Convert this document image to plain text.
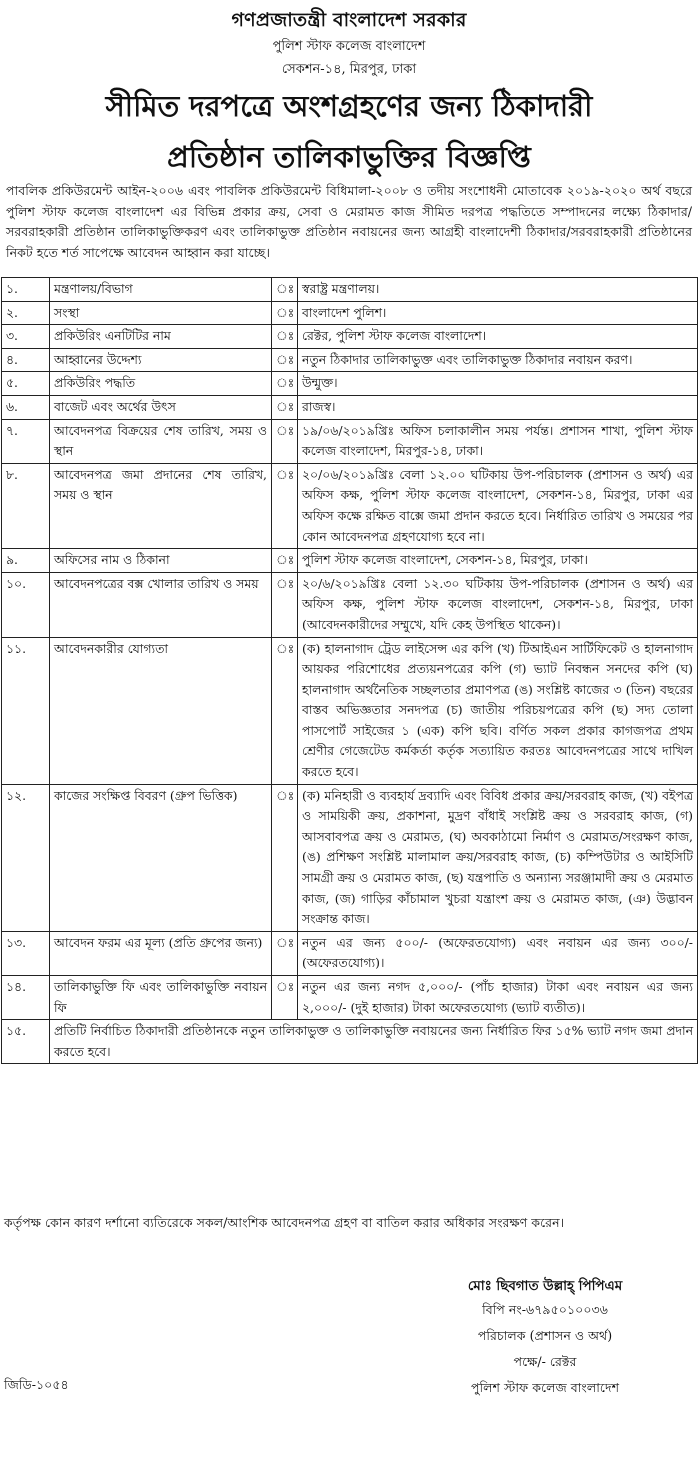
গণপ্রজাতন্ত্রী বাংলাদেশ সরকার
পুলিশ স্টাফ কলেজ বাংলাদেশ
সেকশন-১৪, মিরপুর, ঢাকা
সীমিত দরপত্রে অংশগ্রহণের জন্য ঠিকাদারী
প্রতিষ্ঠান তালিকাভুক্তির বিজ্ঞপ্তি
পাবলিক প্রকিউরমেন্ট আইন-২০০৬ এবং পাবলিক প্রকিউরমেন্ট বিধিমালা-২০০৮ ও তদীয় সংশোধনী মোতাবেক ২০১৯-২০২০ অর্থ বছরে পুলিশ স্টাফ কলেজ বাংলাদেশ এর বিভিন্ন প্রকার ক্রয়, সেবা ও মেরামত কাজ সীমিত দরপত্র পদ্ধতিতে সম্পাদনের লক্ষ্যে ঠিকাদার/সরবরাহকারী প্রতিষ্ঠান তালিকাভুক্তিকরণ এবং তালিকাভুক্ত প্রতিষ্ঠান নবায়নের জন্য আগ্রহী বাংলাদেশী ঠিকাদার/সরবরাহকারী প্রতিষ্ঠানের নিকট হতে শর্ত সাপেক্ষে আবেদন আহ্বান করা যাচ্ছে।
১.	মন্ত্রণালয়/বিভাগ	ঃ	স্বরাষ্ট্র মন্ত্রণালয়।
২.	সংস্থা	ঃ	বাংলাদেশ পুলিশ।
৩.	প্রকিউরিং এনটিটির নাম	ঃ	রেক্টর, পুলিশ স্টাফ কলেজ বাংলাদেশ।
৪.	আহ্বানের উদ্দেশ্য	ঃ	নতুন ঠিকাদার তালিকাভুক্ত এবং তালিকাভুক্ত ঠিকাদার নবায়ন করণ।
৫.	প্রকিউরিং পদ্ধতি	ঃ	উন্মুক্ত।
৬.	বাজেট এবং অর্থের উৎস	ঃ	রাজস্ব।
৭.	আবেদনপত্র বিক্রয়ের শেষ তারিখ, সময় ও স্থান	ঃ	১৯/০৬/২০১৯খ্রিঃ অফিস চলাকালীন সময় পর্যন্ত। প্রশাসন শাখা, পুলিশ স্টাফ কলেজ বাংলাদেশ, মিরপুর-১৪, ঢাকা।
৮.	আবেদনপত্র জমা প্রদানের শেষ তারিখ, সময় ও স্থান	ঃ	২০/০৬/২০১৯খ্রিঃ বেলা ১২.০০ ঘটিকায় উপ-পরিচালক (প্রশাসন ও অর্থ) এর অফিস কক্ষ, পুলিশ স্টাফ কলেজ বাংলাদেশ, সেকশন-১৪, মিরপুর, ঢাকা এর অফিস কক্ষে রক্ষিত বাক্সে জমা প্রদান করতে হবে। নির্ধারিত তারিখ ও সময়ের পর কোন আবেদনপত্র গ্রহণযোগ্য হবে না।
৯.	অফিসের নাম ও ঠিকানা	ঃ	পুলিশ স্টাফ কলেজ বাংলাদেশ, সেকশন-১৪, মিরপুর, ঢাকা।
১০.	আবেদনপত্রের বক্স খোলার তারিখ ও সময়	ঃ	২০/৬/২০১৯খ্রিঃ বেলা ১২.৩০ ঘটিকায় উপ-পরিচালক (প্রশাসন ও অর্থ) এর অফিস কক্ষ, পুলিশ স্টাফ কলেজ বাংলাদেশ, সেকশন-১৪, মিরপুর, ঢাকা (আবেদনকারীদের সম্মুখে, যদি কেহ উপস্থিত থাকেন)।
১১.	আবেদনকারীর যোগ্যতা	ঃ	(ক) হালনাগাদ ট্রেড লাইসেন্স এর কপি (খ) টিআইএন সার্টিফিকেট ও হালনাগাদ আয়কর পরিশোধের প্রত্যয়নপত্রের কপি (গ) ভ্যাট নিবন্ধন সনদের কপি (ঘ) হালনাগাদ অর্থনৈতিক সচ্ছলতার প্রমাণপত্র (ঙ) সংশ্লিষ্ট কাজের ৩ (তিন) বছরের বাস্তব অভিজ্ঞতার সনদপত্র (চ) জাতীয় পরিচয়পত্রের কপি (ছ) সদ্য তোলা পাসপোর্ট সাইজের ১ (এক) কপি ছবি। বর্ণিত সকল প্রকার কাগজপত্র প্রথম শ্রেণীর গেজেটেড কর্মকর্তা কর্তৃক সত্যায়িত করতঃ আবেদনপত্রের সাথে দাখিল করতে হবে।
১২.	কাজের সংক্ষিপ্ত বিবরণ (গ্রুপ ভিত্তিক)	ঃ	(ক) মনিহারী ও ব্যবহার্য দ্রব্যাদি এবং বিবিধ প্রকার ক্রয়/সরবরাহ কাজ, (খ) বইপত্র ও সাময়িকী ক্রয়, প্রকাশনা, মুদ্রণ বাঁধাই সংশ্লিষ্ট ক্রয় ও সরবরাহ কাজ, (গ) আসবাবপত্র ক্রয় ও মেরামত, (ঘ) অবকাঠামো নির্মাণ ও মেরামত/সংরক্ষণ কাজ, (ঙ) প্রশিক্ষণ সংশ্লিষ্ট মালামাল ক্রয়/সরবরাহ কাজ, (চ) কম্পিউটার ও আইসিটি সামগ্রী ক্রয় ও মেরামত কাজ, (ছ) যন্ত্রপাতি ও অন্যান্য সরঞ্জামাদী ক্রয় ও মেরমাত কাজ, (জ) গাড়ির কাঁচামাল খুচরা যন্ত্রাংশ ক্রয় ও মেরামত কাজ, (ঞ) উদ্ভাবন সংক্রান্ত কাজ।
১৩.	আবেদন ফরম এর মূল্য (প্রতি গ্রুপের জন্য)	ঃ	নতুন এর জন্য ৫০০/- (অফেরতযোগ্য) এবং নবায়ন এর জন্য ৩০০/- (অফেরতযোগ্য)।
১৪.	তালিকাভুক্তি ফি এবং তালিকাভুক্তি নবায়ন ফি	ঃ	নতুন এর জন্য নগদ ৫,০০০/- (পাঁচ হাজার) টাকা এবং নবায়ন এর জন্য ২,০০০/- (দুই হাজার) টাকা অফেরতযোগ্য (ভ্যাট ব্যতীত)।
১৫.	প্রতিটি নির্বাচিত ঠিকাদারী প্রতিষ্ঠানকে নতুন তালিকাভুক্ত ও তালিকাভুক্তি নবায়নের জন্য নির্ধারিত ফির ১৫% ভ্যাট নগদ জমা প্রদান করতে হবে।		
কর্তৃপক্ষ কোন কারণ দর্শানো ব্যতিরেকে সকল/আংশিক আবেদনপত্র গ্রহণ বা বাতিল করার অধিকার সংরক্ষণ করেন।
মোঃ ছিবগাত উল্লাহ্ পিপিএম
বিপি নং-৬৭৯৫০১০০৩৬
পরিচালক (প্রশাসন ও অর্থ)
পক্ষে/- রেক্টর
পুলিশ স্টাফ কলেজ বাংলাদেশ
জিডি-১০৫৪
